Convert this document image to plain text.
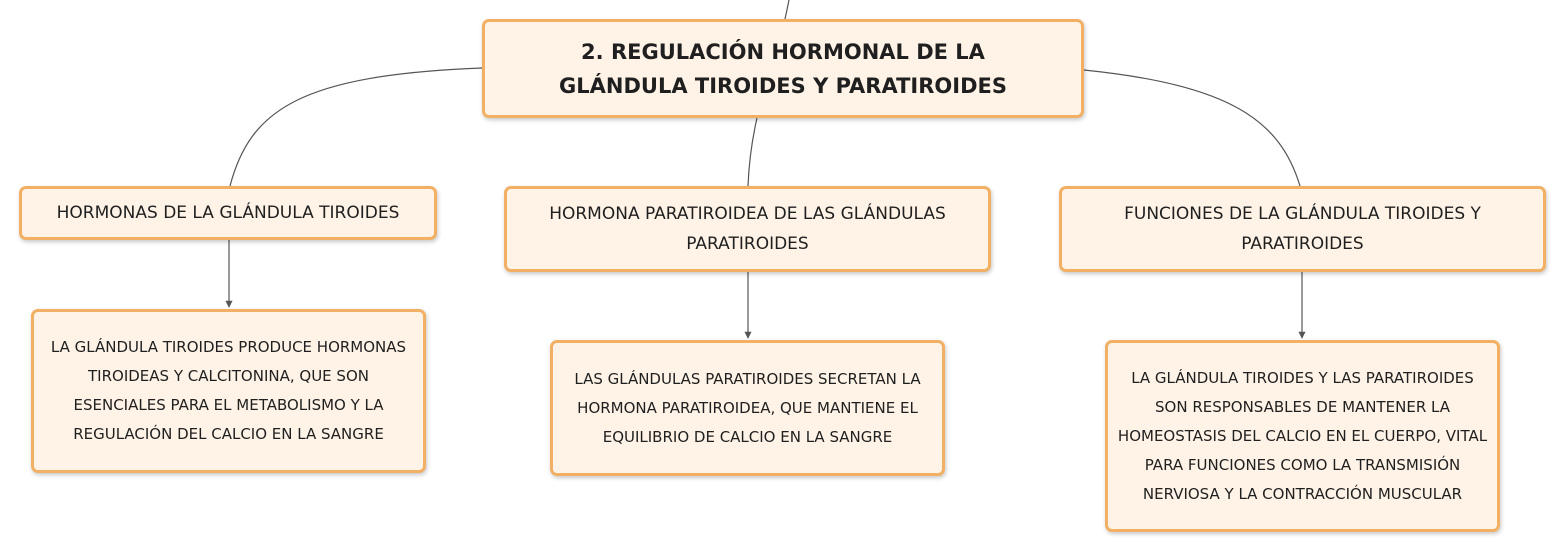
2. REGULACIÓN HORMONAL DE LA GLÁNDULA TIROIDES Y PARATIROIDES
HORMONAS DE LA GLÁNDULA TIROIDES	HORMONA PARATIROIDEA DE LAS GLÁNDULAS PARATIROIDES
FUNCIONES DE LA GLÁNDULA TIROIDES Y PARATIROIDES
LA GLÁNDULA TIROIDES PRODUCE HORMONAS TIROIDEAS Y CALCITONINA, QUE SON ESENCIALES PARA EL METABOLISMO Y LA REGULACIÓN DEL CALCIO EN LA SANGRE
LAS GLÁNDULAS PARATIROIDES SECRETAN LA HORMONA PARATIROIDEA, QUE MANTIENE EL EQUILIBRIO DE CALCIO EN LA SANGRE
LA GLÁNDULA TIROIDES Y LAS PARATIROIDES SON RESPONSABLES DE MANTENER LA HOMEOSTASIS DEL CALCIO EN EL CUERPO, VITAL PARA FUNCIONES COMO LA TRANSMISIÓN NERVIOSA Y LA CONTRACCIÓN MUSCULAR
